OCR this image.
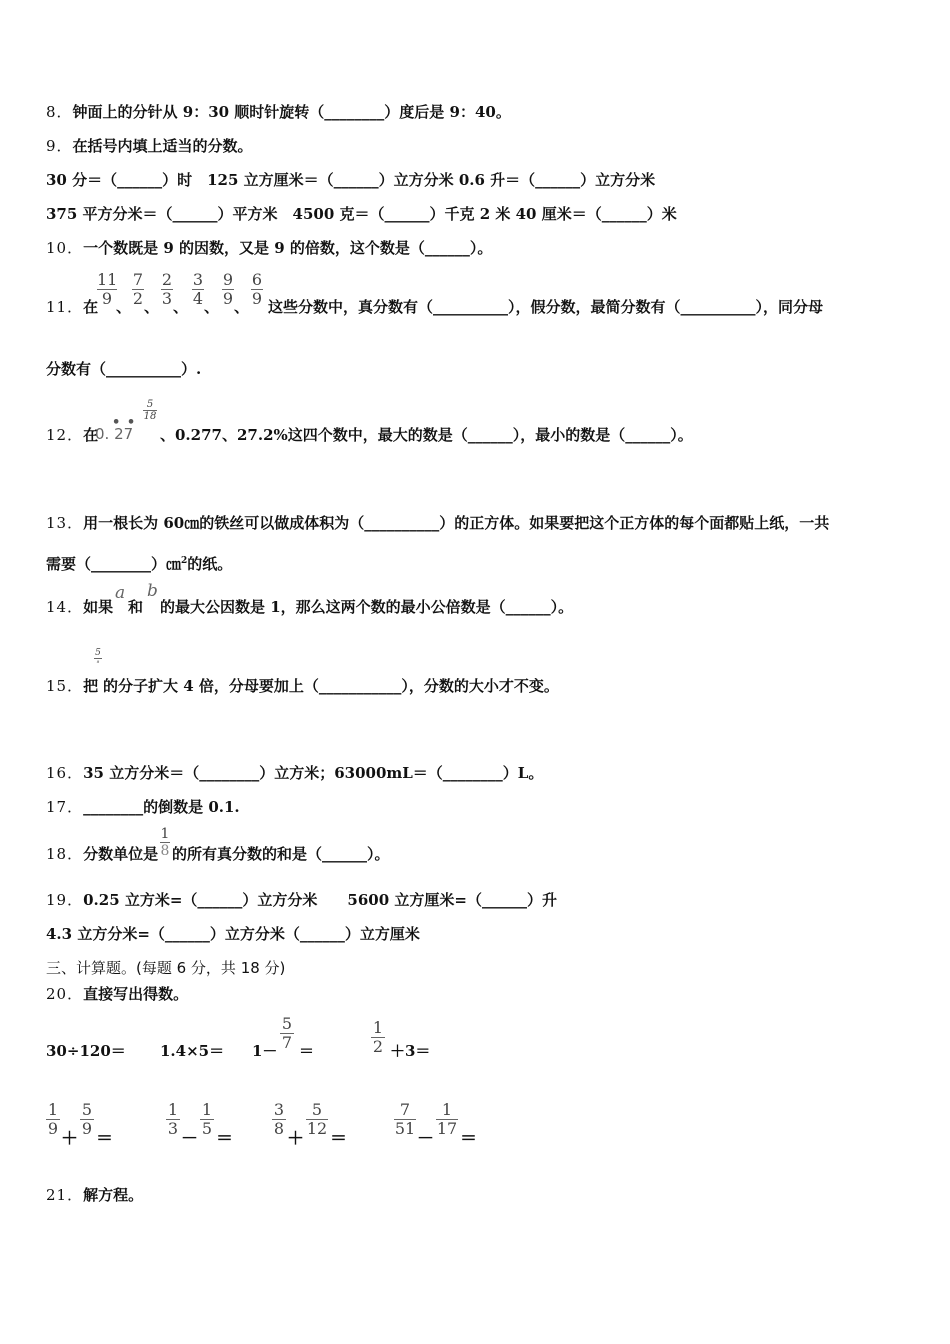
8．钟面上的分针从 9：30 顺时针旋转（________）度后是 9：40。
9．在括号内填上适当的分数。
30 分＝（______）时　125 立方厘米＝（______）立方分米 0.6 升＝（______）立方分米
375 平方分米＝（______）平方米　4500 克＝（______）千克 2 米 40 厘米＝（______）米
10．一个数既是 9 的因数，又是 9 的倍数，这个数是（______）。
11．在
11
9 、
7
2 、
2
3 、
3
4 、
9
9 、
6
9 这些分数中，真分数有（__________），假分数，最简分数有（__________），同分母
分数有（__________）.
12．在
• •
0. 27
5
18
、0.277、27.2%这四个数中，最大的数是（______），最小的数是（______）。
13．用一根长为 60㎝的铁丝可以做成体积为（__________）的正方体。如果要把这个正方体的每个面都贴上纸，一共
需要（________）㎝$^2$的纸。
14．如果
a
和
b
的最大公因数是 1，那么这两个数的最小公倍数是（______）。
15．把
5
8
的分子扩大 4 倍，分母要加上（___________），分数的大小才不变。
16．35 立方分米＝（________）立方米；63000mL＝（________）L。
17．________的倒数是 0.1.
18．分数单位是
1
8 的所有真分数的和是（______）。
19．0.25 立方米=（______）立方分米　　5600 立方厘米=（______）升
4.3 立方分米=（______）立方分米（______）立方厘米
三、计算题。(每题 6 分，共 18 分)
20．直接写出得数。
30÷120＝ 1.4×5＝ 1－
5
7 ＝
1
2 ＋3＝
1
9
＋
5
9
＝
1
3
－
1
5
＝
3
8
＋
5
12
＝
7
51
－
1
17
＝
21．解方程。
